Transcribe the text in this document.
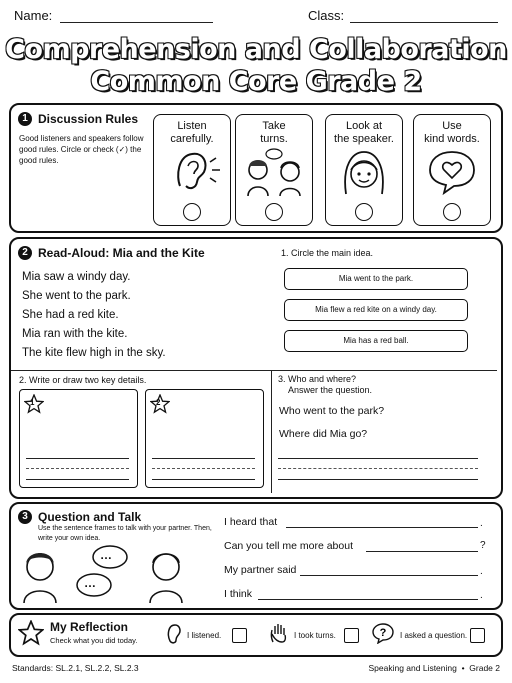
Name:	Class:
Comprehension and Collaboration
Common Core Grade 2
1 Discussion Rules
Good listeners and speakers follow good rules. Circle or check (✓) the good rules.
Listen
carefully.
Take
turns.
Look at
the speaker.
Use
kind words.
2 Read-Aloud: Mia and the Kite
Mia saw a windy day.
She went to the park.
She had a red kite.
Mia ran with the kite.
The kite flew high in the sky.
1. Circle the main idea.
Mia went to the park.
Mia flew a red kite on a windy day.
Mia has a red ball.
2. Write or draw two key details.
1	2
3. Who and where?
Answer the question.
Who went to the park?
Where did Mia go?
3 Question and Talk
Use the sentence frames to talk with your partner. Then, write your own idea.
…
…
I heard that	.
Can you tell me more about	?
My partner said	.
I think	.
My Reflection
Check what you did today.
I listened.	I took turns.	? I asked a question.
Standards: SL.2.1, SL.2.2, SL.2.3	Speaking and Listening  •  Grade 2
